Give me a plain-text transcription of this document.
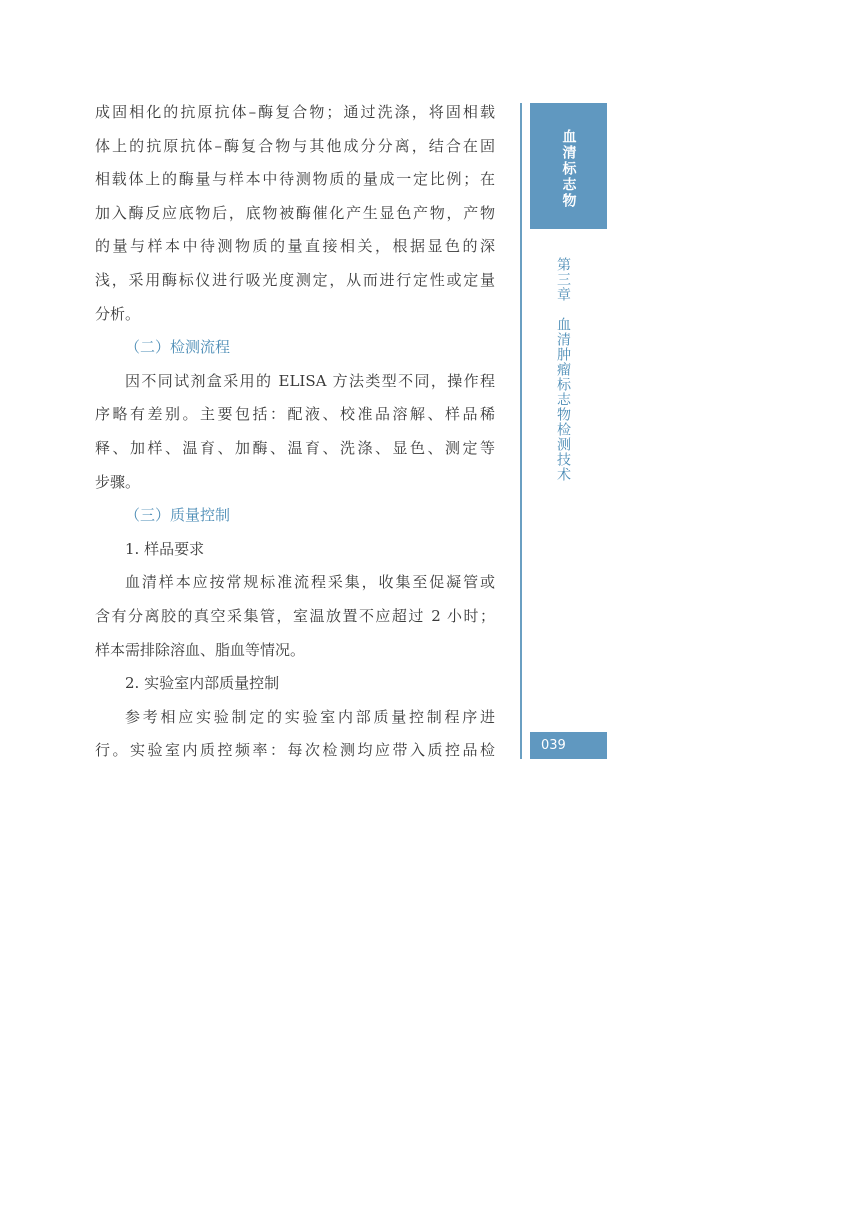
成固相化的抗原抗体–酶复合物；通过洗涤，将固相载
体上的抗原抗体–酶复合物与其他成分分离，结合在固
相载体上的酶量与样本中待测物质的量成一定比例；在
加入酶反应底物后，底物被酶催化产生显色产物，产物
的量与样本中待测物质的量直接相关，根据显色的深
浅，采用酶标仪进行吸光度测定，从而进行定性或定量
分析。
（二）检测流程
因不同试剂盒采用的 ELISA 方法类型不同，操作程
序略有差别。主要包括：配液、校准品溶解、样品稀
释、加样、温育、加酶、温育、洗涤、显色、测定等
步骤。
（三）质量控制
1. 样品要求
血清样本应按常规标准流程采集，收集至促凝管或
含有分离胶的真空采集管，室温放置不应超过 2 小时；
样本需排除溶血、脂血等情况。
2. 实验室内部质量控制
参考相应实验制定的实验室内部质量控制程序进
行。实验室内质控频率：每次检测均应带入质控品检
血清标志物
第三章　血清肿瘤标志物检测技术
039
